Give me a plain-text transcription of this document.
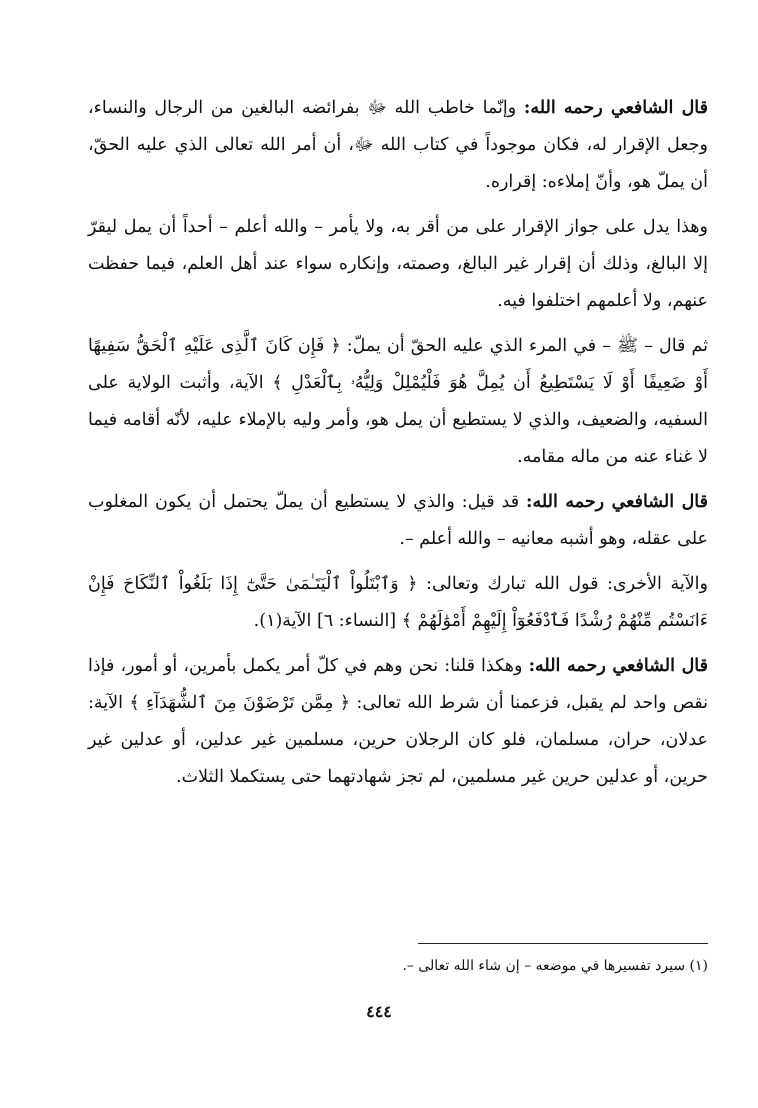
قال الشافعي رحمه الله: وإنّما خاطب الله ﷻ بفرائضه البالغين من الرجال والنساء، وجعل الإقرار له، فكان موجوداً في كتاب الله ﷻ، أن أمر الله تعالى الذي عليه الحقّ، أن يملّ هو، وأنّ إملاءه: إقراره.

وهذا يدل على جواز الإقرار على من أقر به، ولا يأمر – والله أعلم – أحداً أن يمل ليقرّ إلا البالغ، وذلك أن إقرار غير البالغ، وصمته، وإنكاره سواء عند أهل العلم، فيما حفظت عنهم، ولا أعلمهم اختلفوا فيه.

ثم قال – ﷺ – في المرء الذي عليه الحقّ أن يملّ: ﴿ فَإِن كَانَ ٱلَّذِى عَلَيْهِ ٱلْحَقُّ سَفِيهًا أَوْ ضَعِيفًا أَوْ لَا يَسْتَطِيعُ أَن يُمِلَّ هُوَ فَلْيُمْلِلْ وَلِيُّهُۥ بِٱلْعَدْلِ ﴾ الآية، وأثبت الولاية على السفيه، والضعيف، والذي لا يستطيع أن يمل هو، وأمر وليه بالإملاء عليه، لأنّه أقامه فيما لا غناء عنه من ماله مقامه.

قال الشافعي رحمه الله: قد قيل: والذي لا يستطيع أن يملّ يحتمل أن يكون المغلوب على عقله، وهو أشبه معانيه – والله أعلم –.

والآية الأخرى: قول الله تبارك وتعالى: ﴿ وَٱبْتَلُواْ ٱلْيَتَـٰمَىٰ حَتَّىٰٓ إِذَا بَلَغُواْ ٱلنِّكَاحَ فَإِنْ ءَانَسْتُم مِّنْهُمْ رُشْدًا فَٱدْفَعُوٓاْ إِلَيْهِمْ أَمْوَٰلَهُمْ ﴾ [النساء: ٦] الآية(١).

قال الشافعي رحمه الله: وهكذا قلنا: نحن وهم في كلّ أمر يكمل بأمرين، أو أمور، فإذا نقص واحد لم يقبل، فزعمنا أن شرط الله تعالى: ﴿ مِمَّن تَرْضَوْنَ مِنَ ٱلشُّهَدَآءِ ﴾ الآية: عدلان، حران، مسلمان، فلو كان الرجلان حرين، مسلمين غير عدلين، أو عدلين غير حرين، أو عدلين حرين غير مسلمين، لم تجز شهادتهما حتى يستكملا الثلاث.

(١) سيرد تفسيرها في موضعه – إن شاء الله تعالى –.
٤٤٤
